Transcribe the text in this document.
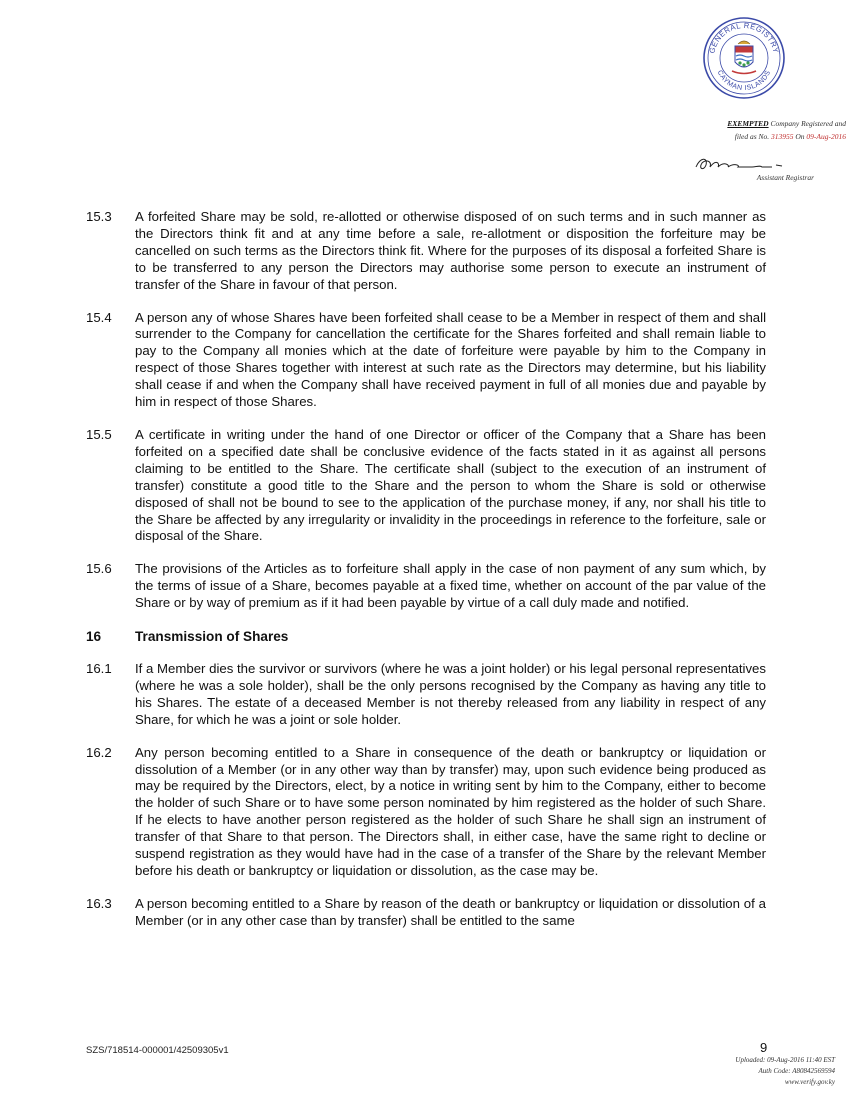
GENERAL REGISTRY
CAYMAN ISLANDS
EXEMPTED Company Registered and
filed as No. 313955 On 09-Aug-2016
Assistant Registrar
15.3	A forfeited Share may be sold, re-allotted or otherwise disposed of on such terms and in such manner as the Directors think fit and at any time before a sale, re-allotment or disposition the forfeiture may be cancelled on such terms as the Directors think fit. Where for the purposes of its disposal a forfeited Share is to be transferred to any person the Directors may authorise some person to execute an instrument of transfer of the Share in favour of that person.
15.4	A person any of whose Shares have been forfeited shall cease to be a Member in respect of them and shall surrender to the Company for cancellation the certificate for the Shares forfeited and shall remain liable to pay to the Company all monies which at the date of forfeiture were payable by him to the Company in respect of those Shares together with interest at such rate as the Directors may determine, but his liability shall cease if and when the Company shall have received payment in full of all monies due and payable by him in respect of those Shares.
15.5	A certificate in writing under the hand of one Director or officer of the Company that a Share has been forfeited on a specified date shall be conclusive evidence of the facts stated in it as against all persons claiming to be entitled to the Share. The certificate shall (subject to the execution of an instrument of transfer) constitute a good title to the Share and the person to whom the Share is sold or otherwise disposed of shall not be bound to see to the application of the purchase money, if any, nor shall his title to the Share be affected by any irregularity or invalidity in the proceedings in reference to the forfeiture, sale or disposal of the Share.
15.6	The provisions of the Articles as to forfeiture shall apply in the case of non payment of any sum which, by the terms of issue of a Share, becomes payable at a fixed time, whether on account of the par value of the Share or by way of premium as if it had been payable by virtue of a call duly made and notified.
16	Transmission of Shares
16.1	If a Member dies the survivor or survivors (where he was a joint holder) or his legal personal representatives (where he was a sole holder), shall be the only persons recognised by the Company as having any title to his Shares. The estate of a deceased Member is not thereby released from any liability in respect of any Share, for which he was a joint or sole holder.
16.2	Any person becoming entitled to a Share in consequence of the death or bankruptcy or liquidation or dissolution of a Member (or in any other way than by transfer) may, upon such evidence being produced as may be required by the Directors, elect, by a notice in writing sent by him to the Company, either to become the holder of such Share or to have some person nominated by him registered as the holder of such Share. If he elects to have another person registered as the holder of such Share he shall sign an instrument of transfer of that Share to that person. The Directors shall, in either case, have the same right to decline or suspend registration as they would have had in the case of a transfer of the Share by the relevant Member before his death or bankruptcy or liquidation or dissolution, as the case may be.
16.3	A person becoming entitled to a Share by reason of the death or bankruptcy or liquidation or dissolution of a Member (or in any other case than by transfer) shall be entitled to the same
SZS/718514-000001/42509305v1	9
Uploaded: 09-Aug-2016 11:40 EST
Auth Code: A80842569594
www.verify.gov.ky
